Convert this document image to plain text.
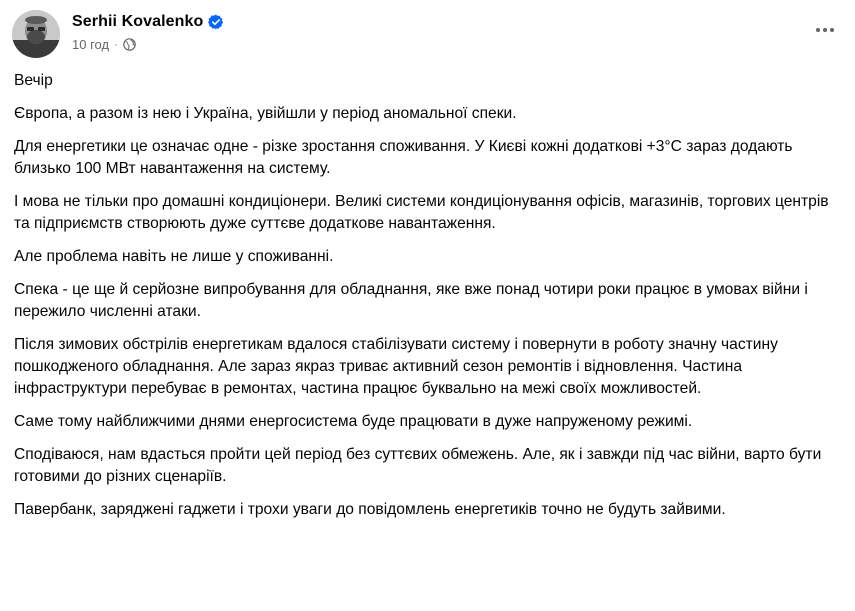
Serhii Kovalenko
10 год ·

Вечір

Європа, а разом із нею і Україна, увійшли у період аномальної спеки.

Для енергетики це означає одне - різке зростання споживання. У Києві кожні додаткові +3°С зараз додають близько 100 МВт навантаження на систему.

І мова не тільки про домашні кондиціонери. Великі системи кондиціонування офісів, магазинів, торгових центрів та підприємств створюють дуже суттєве додаткове навантаження.

Але проблема навіть не лише у споживанні.

Спека - це ще й серйозне випробування для обладнання, яке вже понад чотири роки працює в умовах війни і пережило численні атаки.

Після зимових обстрілів енергетикам вдалося стабілізувати систему і повернути в роботу значну частину пошкодженого обладнання. Але зараз якраз триває активний сезон ремонтів і відновлення. Частина інфраструктури перебуває в ремонтах, частина працює буквально на межі своїх можливостей.

Саме тому найближчими днями енергосистема буде працювати в дуже напруженому режимі.

Сподіваюся, нам вдасться пройти цей період без суттєвих обмежень. Але, як і завжди під час війни, варто бути готовими до різних сценаріїв.

Павербанк, заряджені гаджети і трохи уваги до повідомлень енергетиків точно не будуть зайвими.
